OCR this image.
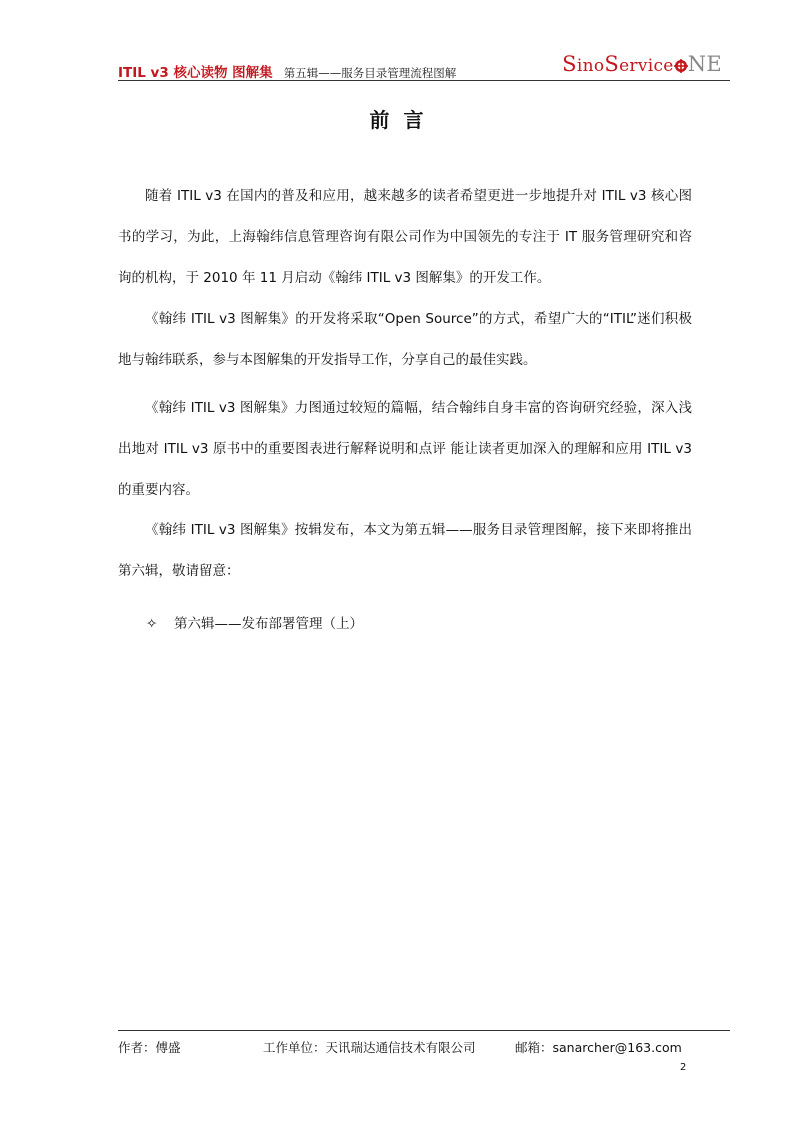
ITIL v3 核心读物 图解集 第五辑——服务目录管理流程图解	SinoService NE
前言
随着 ITIL v3 在国内的普及和应用，越来越多的读者希望更进一步地提升对 ITIL v3 核心图书的学习，为此，上海翰纬信息管理咨询有限公司作为中国领先的专注于 IT 服务管理研究和咨询的机构，于 2010 年 11 月启动《翰纬 ITIL v3 图解集》的开发工作。
《翰纬 ITIL v3 图解集》的开发将采取“Open Source”的方式，希望广大的“ITIL”迷们积极地与翰纬联系，参与本图解集的开发指导工作，分享自己的最佳实践。
《翰纬 ITIL v3 图解集》力图通过较短的篇幅，结合翰纬自身丰富的咨询研究经验，深入浅出地对 ITIL v3 原书中的重要图表进行解释说明和点评 能让读者更加深入的理解和应用 ITIL v3 的重要内容。
《翰纬 ITIL v3 图解集》按辑发布，本文为第五辑——服务目录管理图解，接下来即将推出第六辑，敬请留意：
✧ 第六辑——发布部署管理（上）
作者：傅盛	工作单位：天讯瑞达通信技术有限公司	邮箱：sanarcher@163.com
2
